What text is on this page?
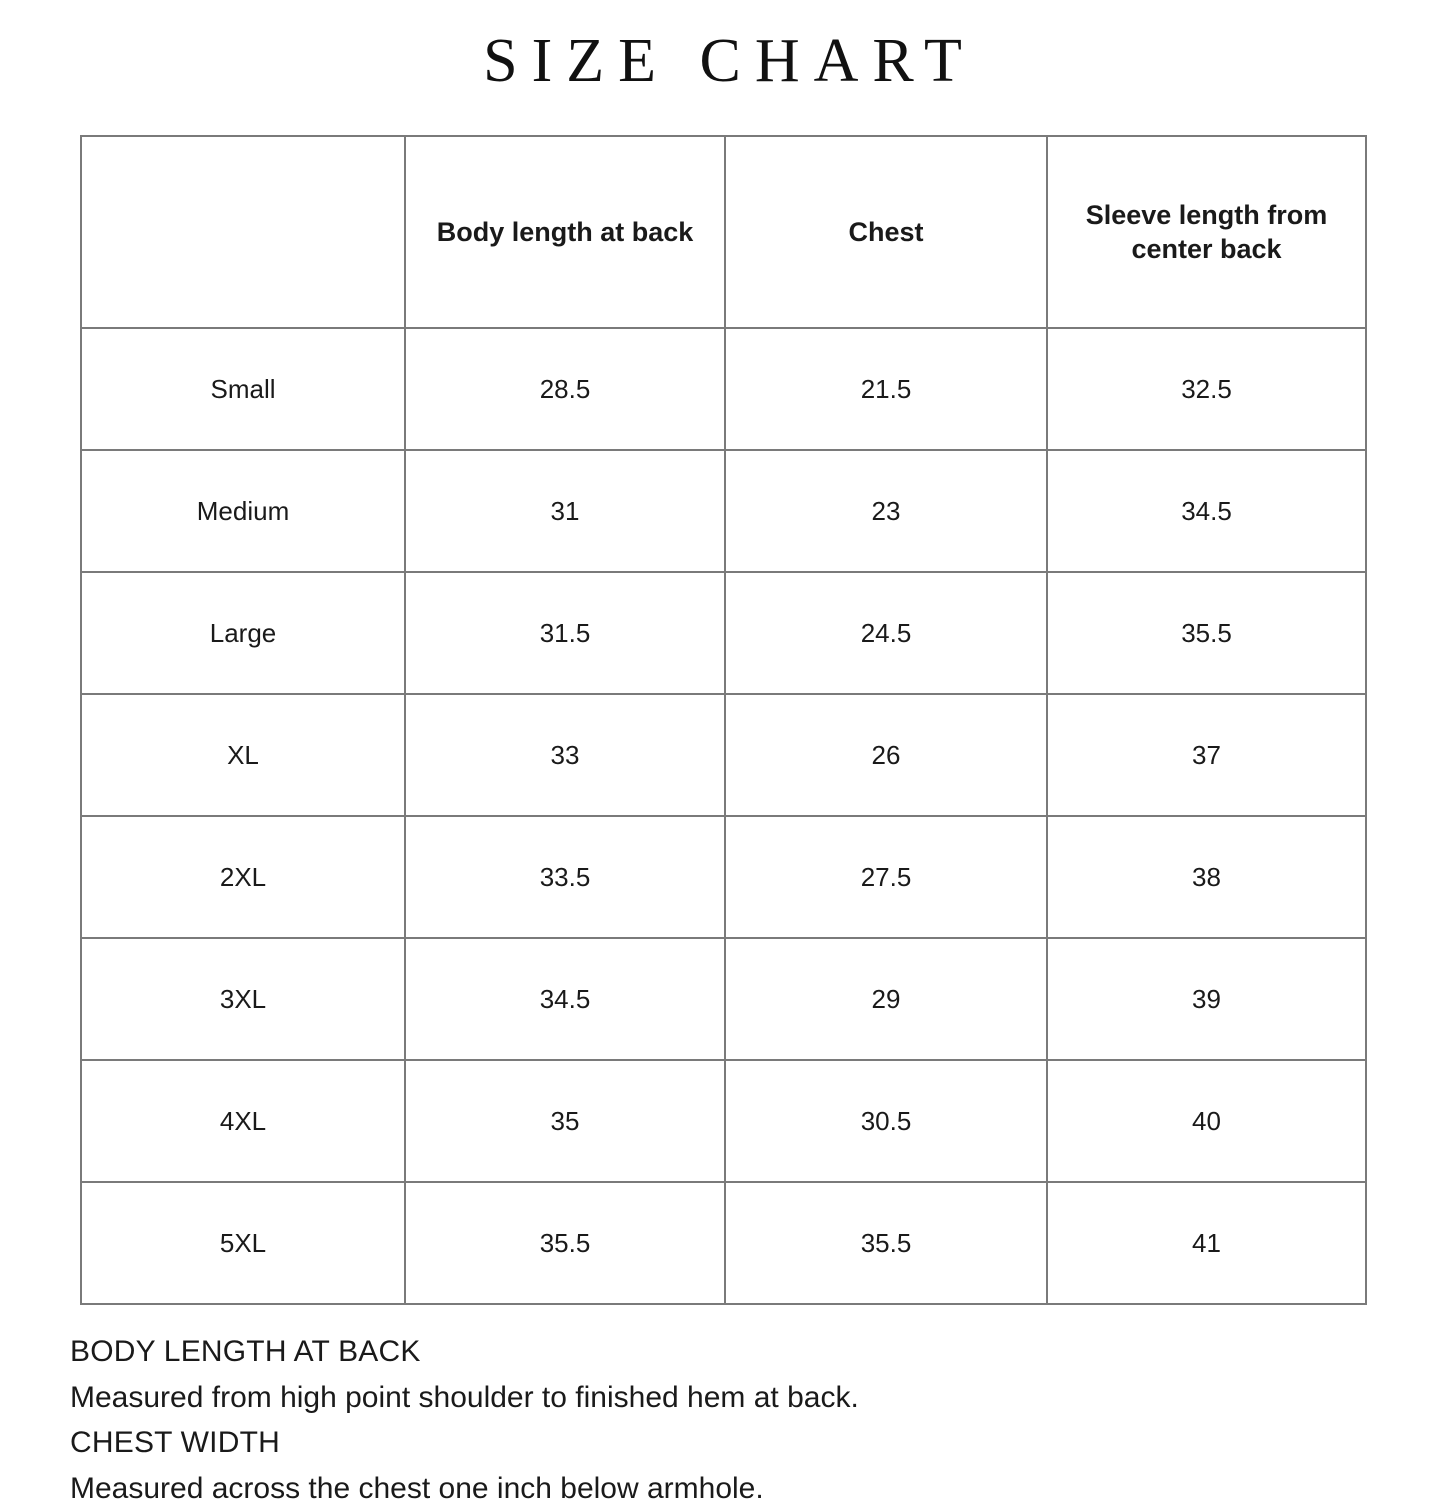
SIZE CHART
	Body length at back	Chest	Sleeve length from center back
Small	28.5	21.5	32.5
Medium	31	23	34.5
Large	31.5	24.5	35.5
XL	33	26	37
2XL	33.5	27.5	38
3XL	34.5	29	39
4XL	35	30.5	40
5XL	35.5	35.5	41
BODY LENGTH AT BACK
Measured from high point shoulder to finished hem at back.
CHEST WIDTH
Measured across the chest one inch below armhole.
